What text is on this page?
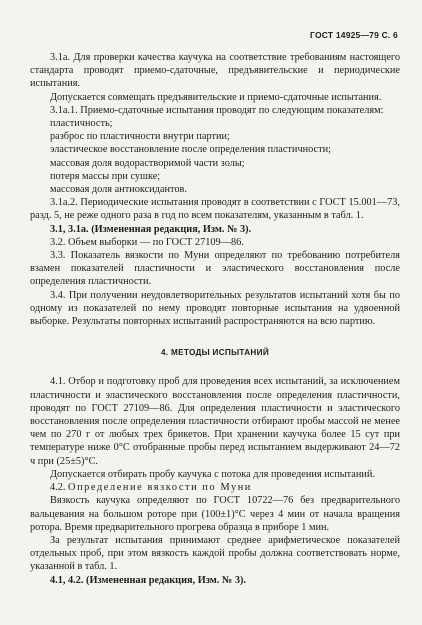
ГОСТ 14925—79 С. 6

3.1а. Для проверки качества каучука на соответствие требованиям настоящего стандарта проводят приемо-сдаточные, предъявительские и периодические испытания.

Допускается совмещать предъявительские и приемо-сдаточные испытания.

3.1а.1. Приемо-сдаточные испытания проводят по следующим показателям:

пластичность;

разброс по пластичности внутри партии;

эластическое восстановление после определения пластичности;

массовая доля водорастворимой части золы;

потеря массы при сушке;

массовая доля антиоксидантов.

3.1а.2. Периодические испытания проводят в соответствии с ГОСТ 15.001—73, разд. 5, не реже одного раза в год по всем показателям, указанным в табл. 1.

3.1, 3.1а. (Измененная редакция, Изм. № 3).

3.2. Объем выборки — по ГОСТ 27109—86.

3.3. Показатель вязкости по Муни определяют по требованию потребителя взамен показателей пластичности и эластического восстановления после определения пластичности.

3.4. При получении неудовлетворительных результатов испытаний хотя бы по одному из показателей по нему проводят повторные испытания на удвоенной выборке. Результаты повторных испытаний распространяются на всю партию.

4. МЕТОДЫ ИСПЫТАНИЙ

4.1. Отбор и подготовку проб для проведения всех испытаний, за исключением пластичности и эластического восстановления после определения пластичности, проводят по ГОСТ 27109—86. Для определения пластичности и эластического восстановления после определения пластичности отбирают пробы массой не менее чем по 270 г от любых трех брикетов. При хранении каучука более 15 сут при температуре ниже 0°С отобранные пробы перед испытанием выдерживают 24—72 ч при (25±5)°С.

Допускается отбирать пробу каучука с потока для проведения испытаний.

4.2. Определение вязкости по Муни

Вязкость каучука определяют по ГОСТ 10722—76 без предварительного вальцевания на большом роторе при (100±1)°С через 4 мин от начала вращения ротора. Время предварительного прогрева образца в приборе 1 мин.

За результат испытания принимают среднее арифметическое показателей отдельных проб, при этом вязкость каждой пробы должна соответствовать норме, указанной в табл. 1.

4.1, 4.2. (Измененная редакция, Изм. № 3).
